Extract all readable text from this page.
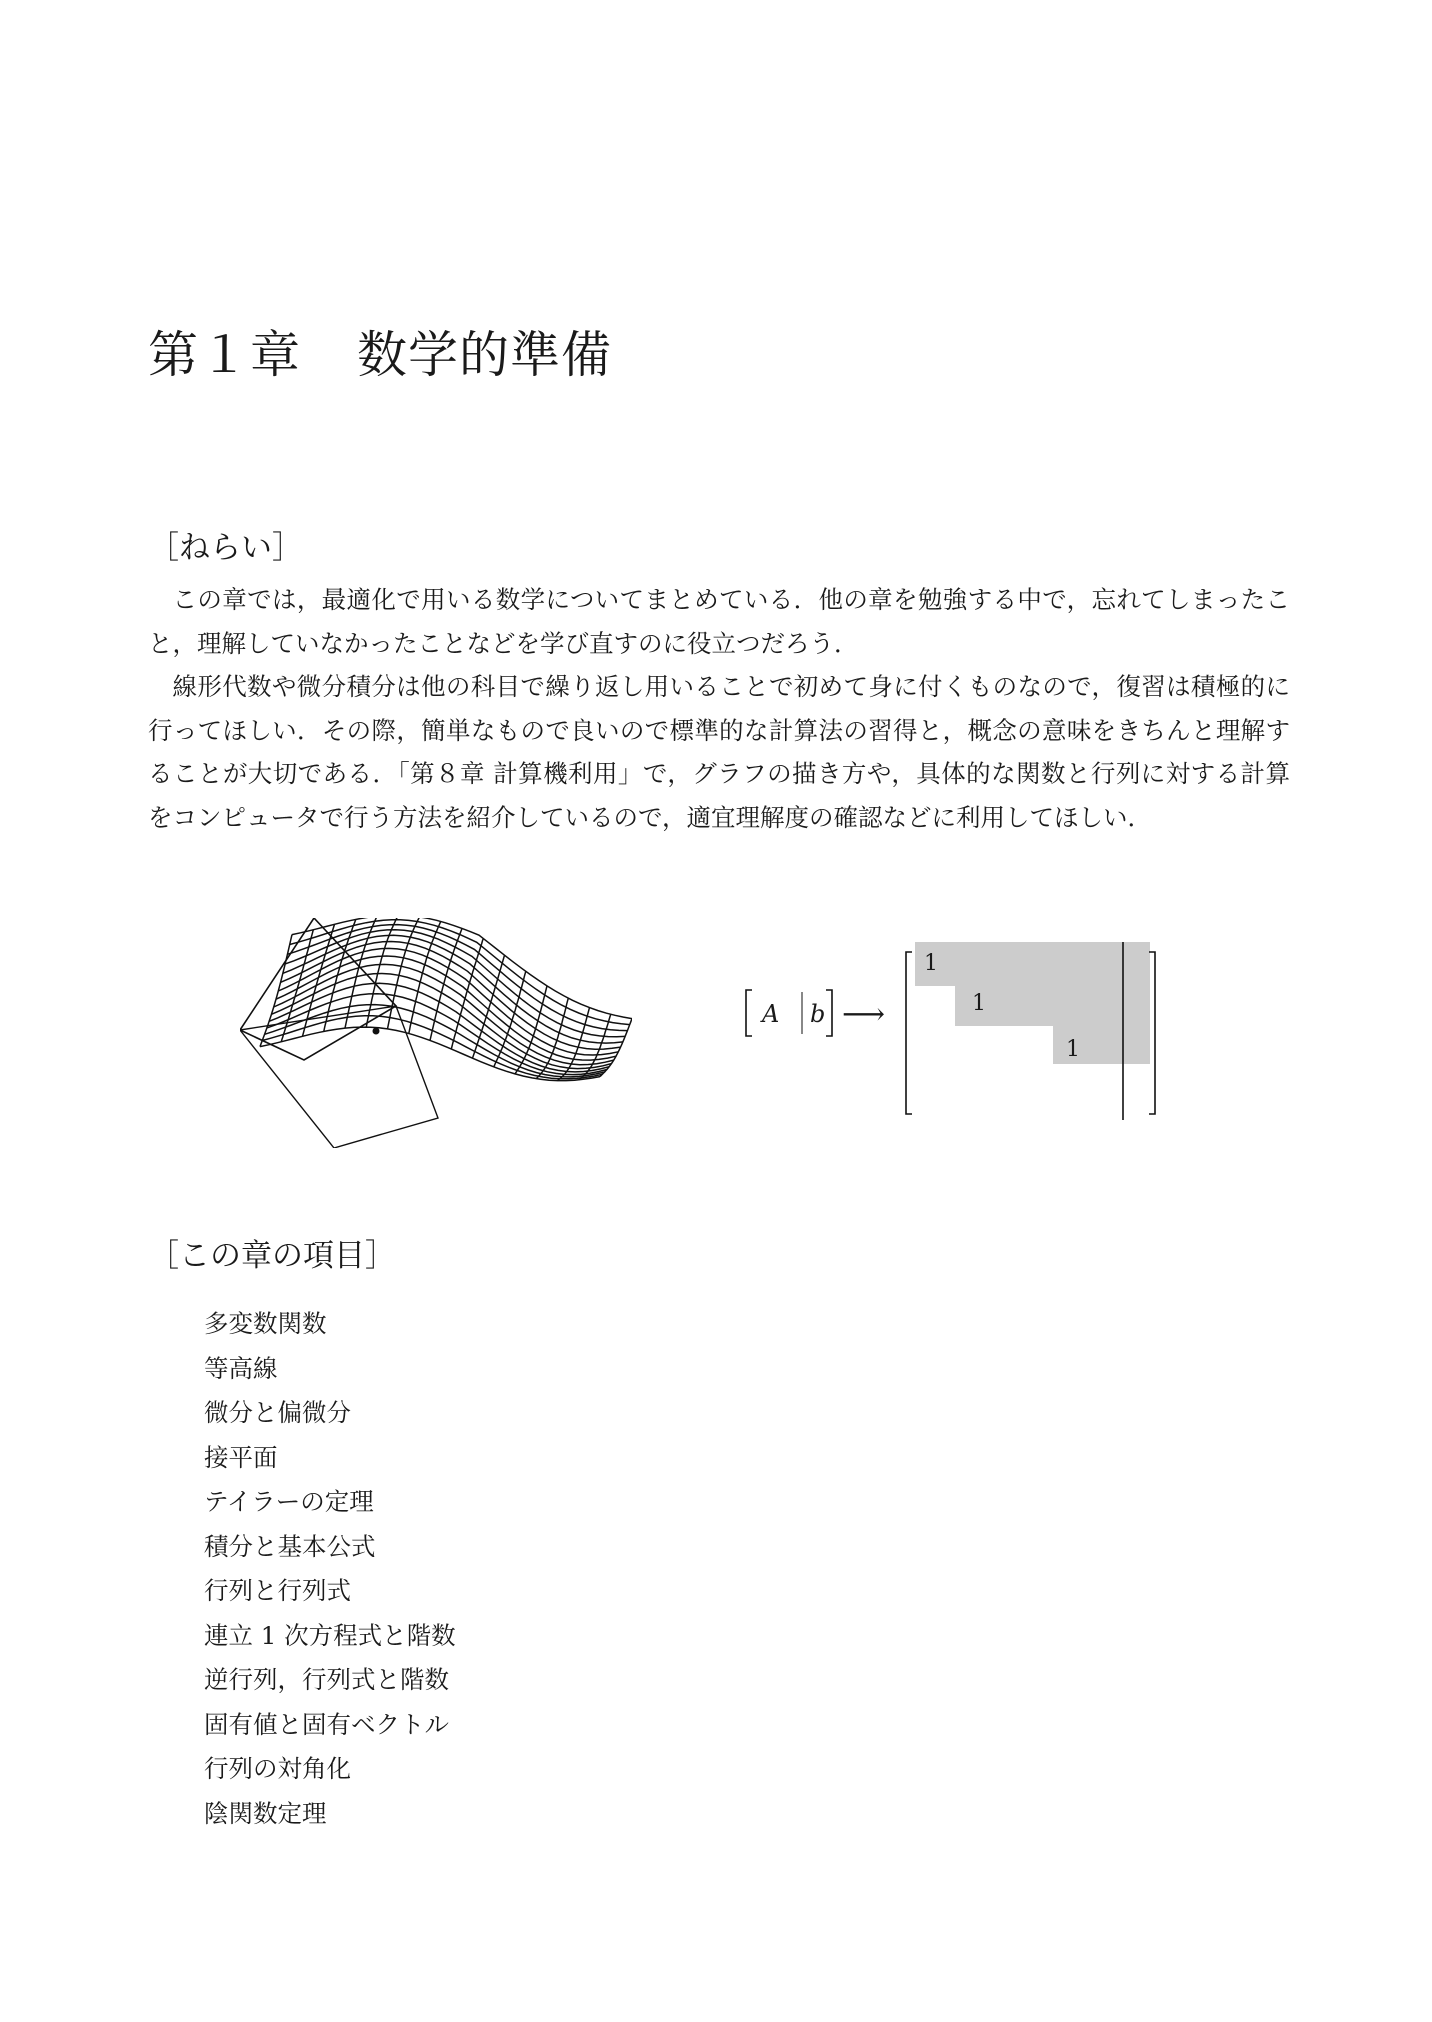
第１章 数学的準備
［ねらい］

この章では，最適化で用いる数学についてまとめている．他の章を勉強する中で，忘れてしまったこと，理解していなかったことなどを学び直すのに役立つだろう．

線形代数や微分積分は他の科目で繰り返し用いることで初めて身に付くものなので，復習は積極的に行ってほしい．その際，簡単なもので良いので標準的な計算法の習得と，概念の意味をきちんと理解することが大切である．「第８章 計算機利用」で，グラフの描き方や，具体的な関数と行列に対する計算をコンピュータで行う方法を紹介しているので，適宜理解度の確認などに利用してほしい．

A b ⟶
1
1
1
［この章の項目］
多変数関数
等高線
微分と偏微分
接平面
テイラーの定理
積分と基本公式
行列と行列式
連立 1 次方程式と階数
逆行列，行列式と階数
固有値と固有ベクトル
行列の対角化
陰関数定理
